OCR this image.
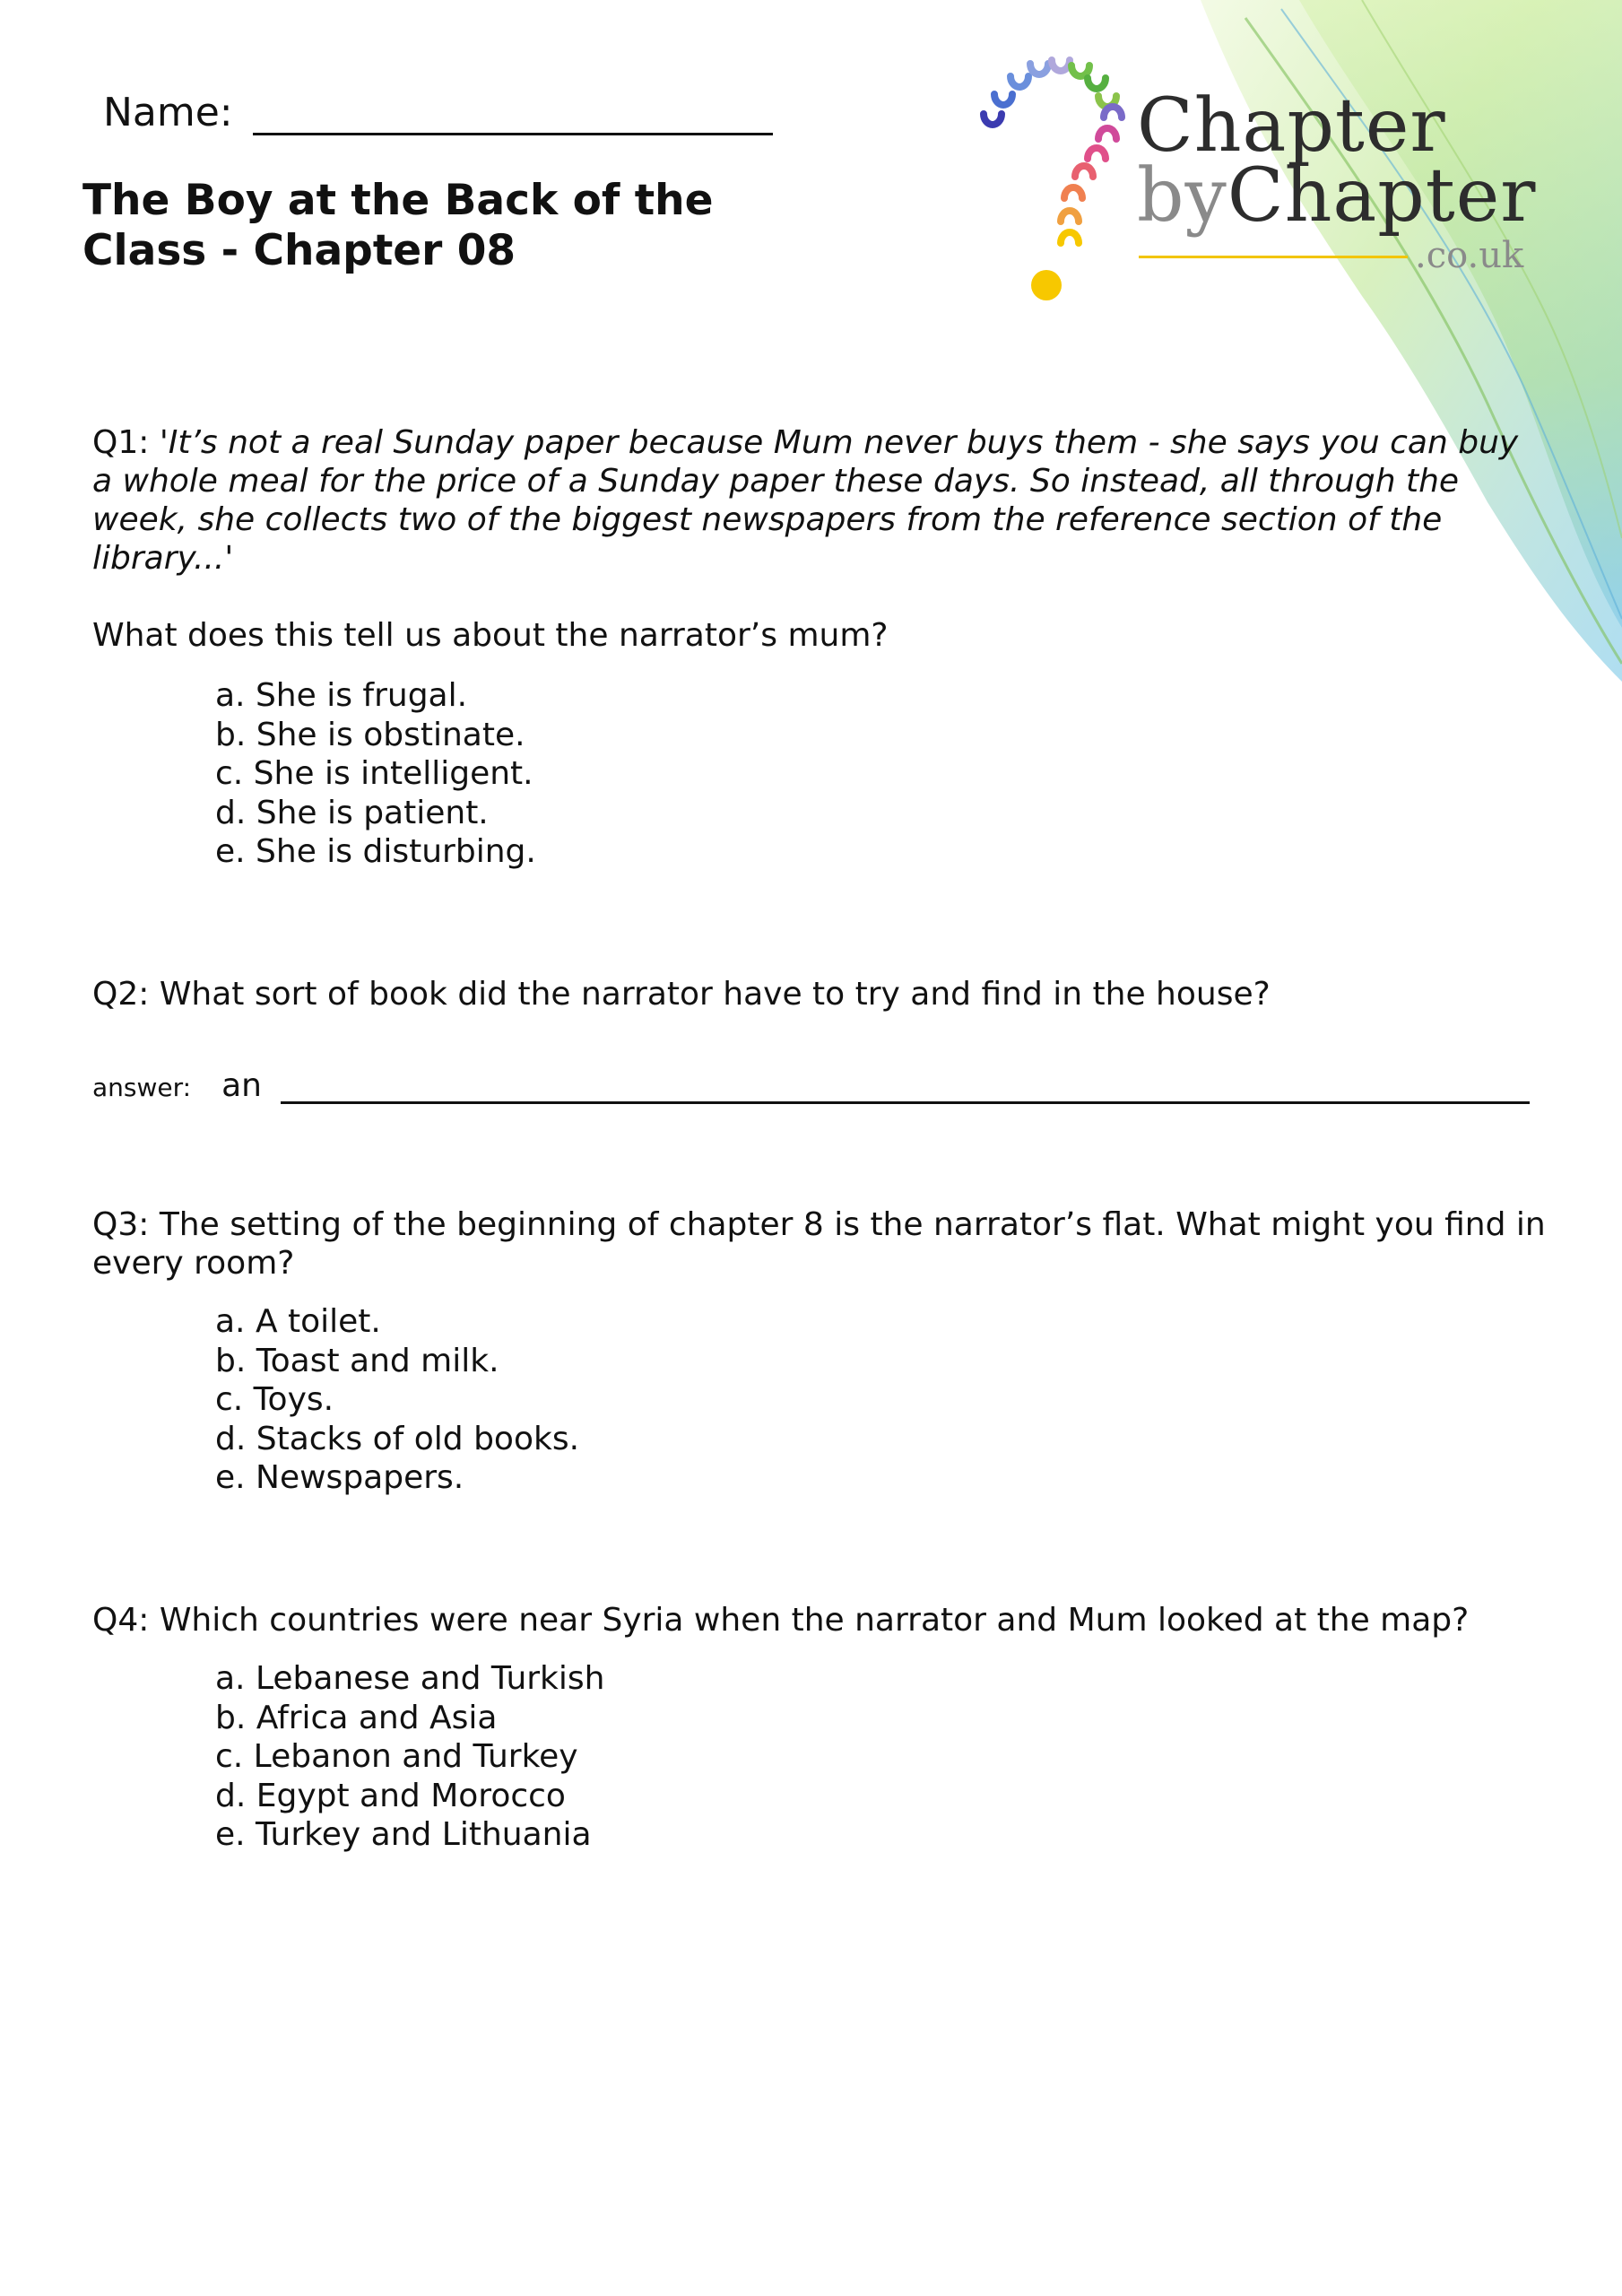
Name:
The Boy at the Back of the Class - Chapter 08
Chapter
byChapter
.co.uk

Q1: 'It’s not a real Sunday paper because Mum never buys them - she says you can buy a whole meal for the price of a Sunday paper these days. So instead, all through the week, she collects two of the biggest newspapers from the reference section of the library...'

What does this tell us about the narrator’s mum?
a. She is frugal.
b. She is obstinate.
c. She is intelligent.
d. She is patient.
e. She is disturbing.

Q2: What sort of book did the narrator have to try and find in the house?

answer: an

Q3: The setting of the beginning of chapter 8 is the narrator’s flat. What might you find in every room?

a. A toilet.
b. Toast and milk.
c. Toys.
d. Stacks of old books.
e. Newspapers.

Q4: Which countries were near Syria when the narrator and Mum looked at the map?

a. Lebanese and Turkish
b. Africa and Asia
c. Lebanon and Turkey
d. Egypt and Morocco
e. Turkey and Lithuania
